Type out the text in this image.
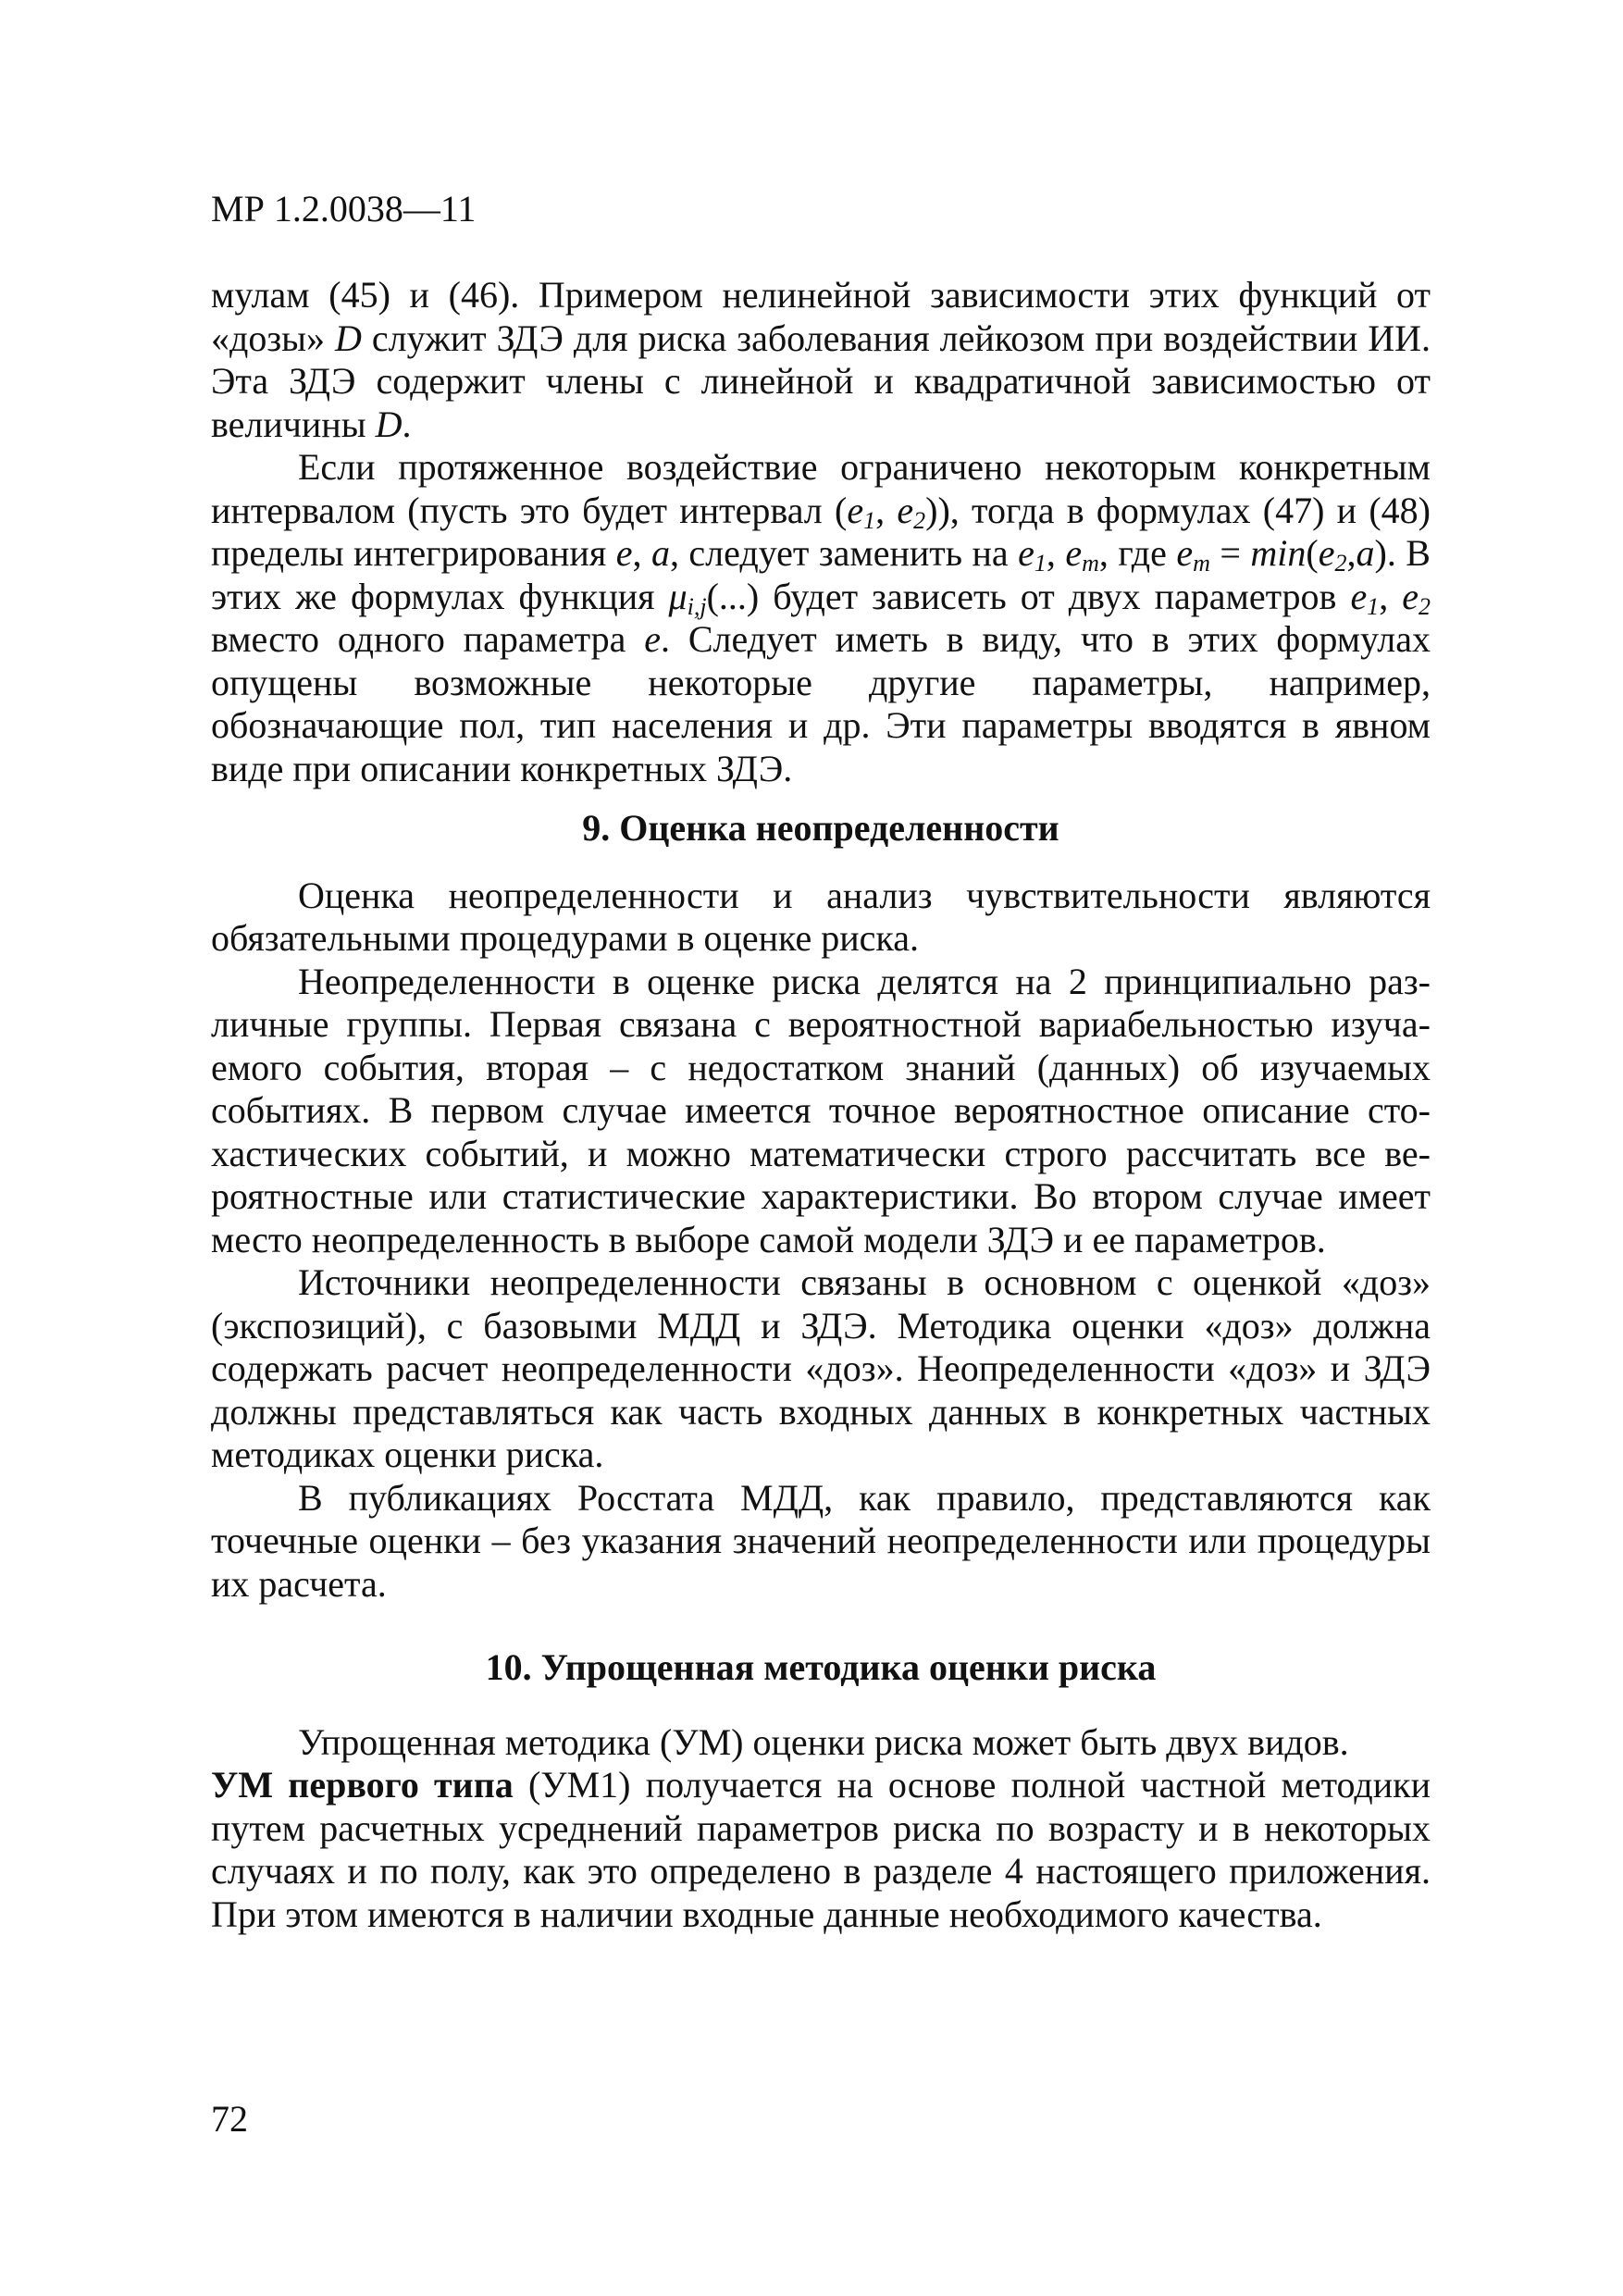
МР 1.2.0038—11

мулам (45) и (46). Примером нелинейной зависимости этих функций от «дозы» D служит ЗДЭ для риска заболевания лейкозом при воздействии ИИ. Эта ЗДЭ содержит члены с линейной и квадратичной зависимостью от величины D.

Если протяженное воздействие ограничено некоторым конкретным интервалом (пусть это будет интервал ($e_1$, $e_2$)), тогда в формулах (47) и (48) пределы интегрирования e, a, следует заменить на $e_1$, $e_m$, где $e_m = \min(e_2,a)$. В этих же формулах функция $\mu_{i,j}(...)$ будет зависеть от двух параметров $e_1$, $e_2$ вместо одного параметра e. Следует иметь в виду, что в этих формулах опущены возможные некоторые другие параметры, например, обозначающие пол, тип населения и др. Эти параметры вводятся в явном виде при описании конкретных ЗДЭ.

9. Оценка неопределенности

Оценка неопределенности и анализ чувствительности являются обязательными процедурами в оценке риска.

Неопределенности в оценке риска делятся на 2 принципиально различные группы. Первая связана с вероятностной вариабельностью изучаемого события, вторая – с недостатком знаний (данных) об изучаемых событиях. В первом случае имеется точное вероятностное описание стохастических событий, и можно математически строго рассчитать все вероятностные или статистические характеристики. Во втором случае имеет место неопределенность в выборе самой модели ЗДЭ и ее параметров.

Источники неопределенности связаны в основном с оценкой «доз» (экспозиций), с базовыми МДД и ЗДЭ. Методика оценки «доз» должна содержать расчет неопределенности «доз». Неопределенности «доз» и ЗДЭ должны представляться как часть входных данных в конкретных частных методиках оценки риска.

В публикациях Росстата МДД, как правило, представляются как точечные оценки – без указания значений неопределенности или процедуры их расчета.

10. Упрощенная методика оценки риска

Упрощенная методика (УМ) оценки риска может быть двух видов.

УМ первого типа (УМ1) получается на основе полной частной методики путем расчетных усреднений параметров риска по возрасту и в некоторых случаях и по полу, как это определено в разделе 4 настоящего приложения. При этом имеются в наличии входные данные необходимого качества.

72
